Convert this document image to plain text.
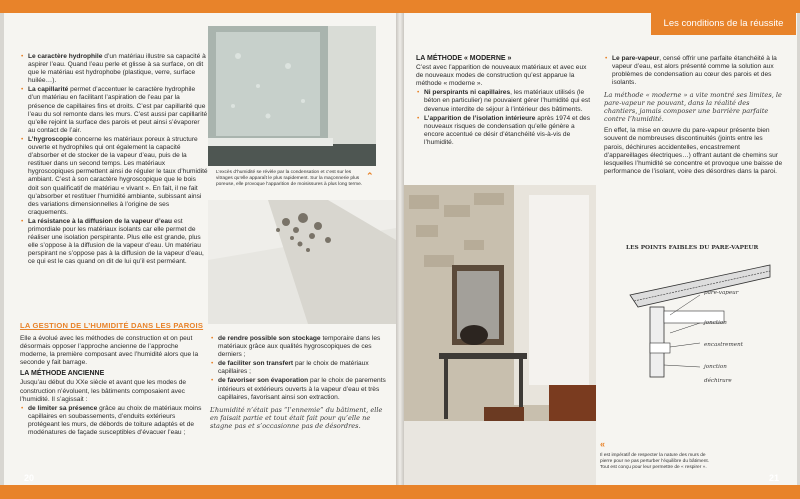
• Le caractère hydrophile d’un matériau illustre sa capacité à aspirer l’eau. Quand l’eau perle et glisse à sa surface, on dit que le matériau est hydrophobe (plastique, verre, surface huilée…).
• La capillarité permet d’accentuer le caractère hydrophile d’un matériau en facilitant l’aspiration de l’eau par la présence de capillaires fins et droits. C’est par capillarité que l’eau du sol remonte dans les murs. C’est aussi par capillarité qu’elle rejoint la surface des parois et peut ainsi s’évaporer au contact de l’air.
• L’hygroscopie concerne les matériaux poreux à structure ouverte et hydrophiles qui ont également la capacité d’absorber et de stocker de la vapeur d’eau, puis de la restituer dans un second temps. Les matériaux hygroscopiques permettent ainsi de réguler le taux d’humidité ambiant. C’est à son caractère hygroscopique que le bois doit son qualificatif de matériau « vivant ». En fait, il ne fait qu’absorber et restituer l’humidité ambiante, subissant ainsi des variations dimensionnelles à l’origine de ses craquements.
• La résistance à la diffusion de la vapeur d’eau est primordiale pour les matériaux isolants car elle permet de réaliser une isolation perspirante. Plus elle est grande, plus elle s’oppose à la diffusion de la vapeur d’eau. Un matériau perspirant ne s’oppose pas à la diffusion de la vapeur d’eau, ce qui est le cas quand on dit de lui qu’il est perméant.
L’excès d’humidité se révèle par la condensation et c’est sur les vitrages qu’elle apparaît le plus rapidement. Sur la maçonnerie plus poreuse, elle provoque l’apparition de moisissures à plus long terme.
⌃
LA GESTION DE L’HUMIDITÉ DANS LES PAROIS

Elle a évolué avec les méthodes de construction et on peut désormais opposer l’approche ancienne de l’approche moderne, la première composant avec l’humidité alors que la seconde y fait barrage.

LA MÉTHODE ANCIENNE

Jusqu’au début du XXe siècle et avant que les modes de construction n’évoluent, les bâtiments composaient avec l’humidité. Il s’agissait :

• de limiter sa présence grâce au choix de matériaux moins capillaires en soubassements, d’enduits extérieurs protégeant les murs, de débords de toiture adaptés et de modénatures de façade susceptibles d’évacuer l’eau ;
• de rendre possible son stockage temporaire dans les matériaux grâce aux qualités hygroscopiques de ces derniers ;
• de faciliter son transfert par le choix de matériaux capillaires ;
• de favoriser son évaporation par le choix de parements intérieurs et extérieurs ouverts à la vapeur d’eau et très capillaires, favorisant ainsi son extraction.

L’humidité n’était pas “l’ennemie” du bâtiment, elle en faisait partie et tout était fait pour qu’elle ne stagne pas et s’occasionne pas de désordres.

20
LA MÉTHODE « MODERNE »

C’est avec l’apparition de nouveaux matériaux et avec eux de nouveaux modes de construction qu’est apparue la méthode « moderne ».

• Ni perspirants ni capillaires, les matériaux utilisés (le béton en particulier) ne pouvaient gérer l’humidité qui est devenue interdite de séjour à l’intérieur des bâtiments.
• L’apparition de l’isolation intérieure après 1974 et des nouveaux risques de condensation qu’elle génère a encore accentué ce désir d’étanchéité vis-à-vis de l’humidité.
• Le pare-vapeur, censé offrir une parfaite étanchéité à la vapeur d’eau, est alors présenté comme la solution aux problèmes de condensation au cœur des parois et des isolants.

La méthode « moderne » a vite montré ses limites, le pare-vapeur ne pouvant, dans la réalité des chantiers, jamais composer une barrière parfaite contre l’humidité.

En effet, la mise en œuvre du pare-vapeur présente bien souvent de nombreuses discontinuités (joints entre les parois, déchirures accidentelles, encastrement d’appareillages électriques…) offrant autant de chemins sur lesquelles l’humidité se concentre et provoque une baisse de performance de l’isolant, voire des désordres dans la paroi.

«
Il est impératif de respecter la nature des murs de pierre pour ne pas perturber l’équilibre du bâtiment. Tout est conçu pour leur permettre de « respirer ».
LES POINTS FAIBLES DU PARE-VAPEUR
pare-vapeur
jonction
encastrement
jonction
déchirure
21
Les conditions de la réussite
